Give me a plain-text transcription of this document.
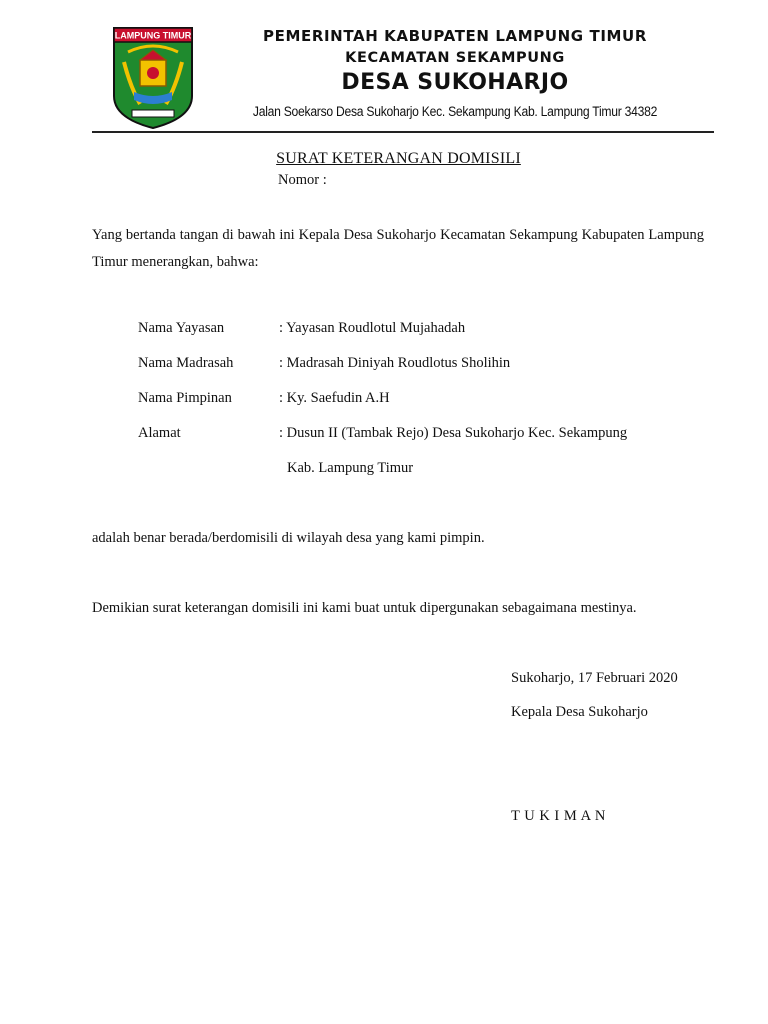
LAMPUNG TIMUR	PEMERINTAH KABUPATEN LAMPUNG TIMUR
KECAMATAN SEKAMPUNG
DESA SUKOHARJO
Jalan Soekarso Desa Sukoharjo Kec. Sekampung Kab. Lampung Timur 34382
SURAT KETERANGAN DOMISILI
Nomor :
Yang bertanda tangan di bawah ini Kepala Desa Sukoharjo Kecamatan Sekampung Kabupaten Lampung Timur menerangkan, bahwa:
Nama Yayasan	: Yayasan Roudlotul Mujahadah
Nama Madrasah	: Madrasah Diniyah Roudlotus Sholihin
Nama Pimpinan	: Ky. Saefudin A.H
Alamat	: Dusun II (Tambak Rejo) Desa Sukoharjo Kec. Sekampung
Kab. Lampung Timur
adalah benar berada/berdomisili di wilayah desa yang kami pimpin.
Demikian surat keterangan domisili ini kami buat untuk dipergunakan sebagaimana mestinya.
Sukoharjo, 17 Februari 2020
Kepala Desa Sukoharjo
T U K I M A N
